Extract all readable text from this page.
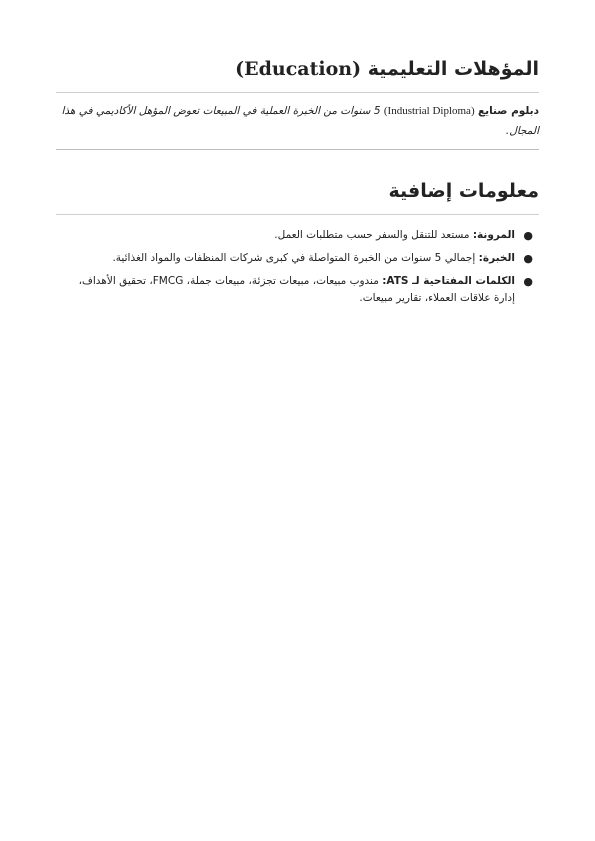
المؤهلات التعليمية (Education)

دبلوم صنايع (Industrial Diploma) 5 سنوات من الخبرة العملية في المبيعات تعوض المؤهل الأكاديمي في هذا المجال.

معلومات إضافية
●
المرونة: مستعد للتنقل والسفر حسب متطلبات العمل.
●
الخبرة: إجمالي 5 سنوات من الخبرة المتواصلة في كبرى شركات المنظفات والمواد الغذائية.
●
الكلمات المفتاحية لـ ATS: مندوب مبيعات، مبيعات تجزئة، مبيعات جملة، FMCG، تحقيق الأهداف، إدارة علاقات العملاء، تقارير مبيعات.
